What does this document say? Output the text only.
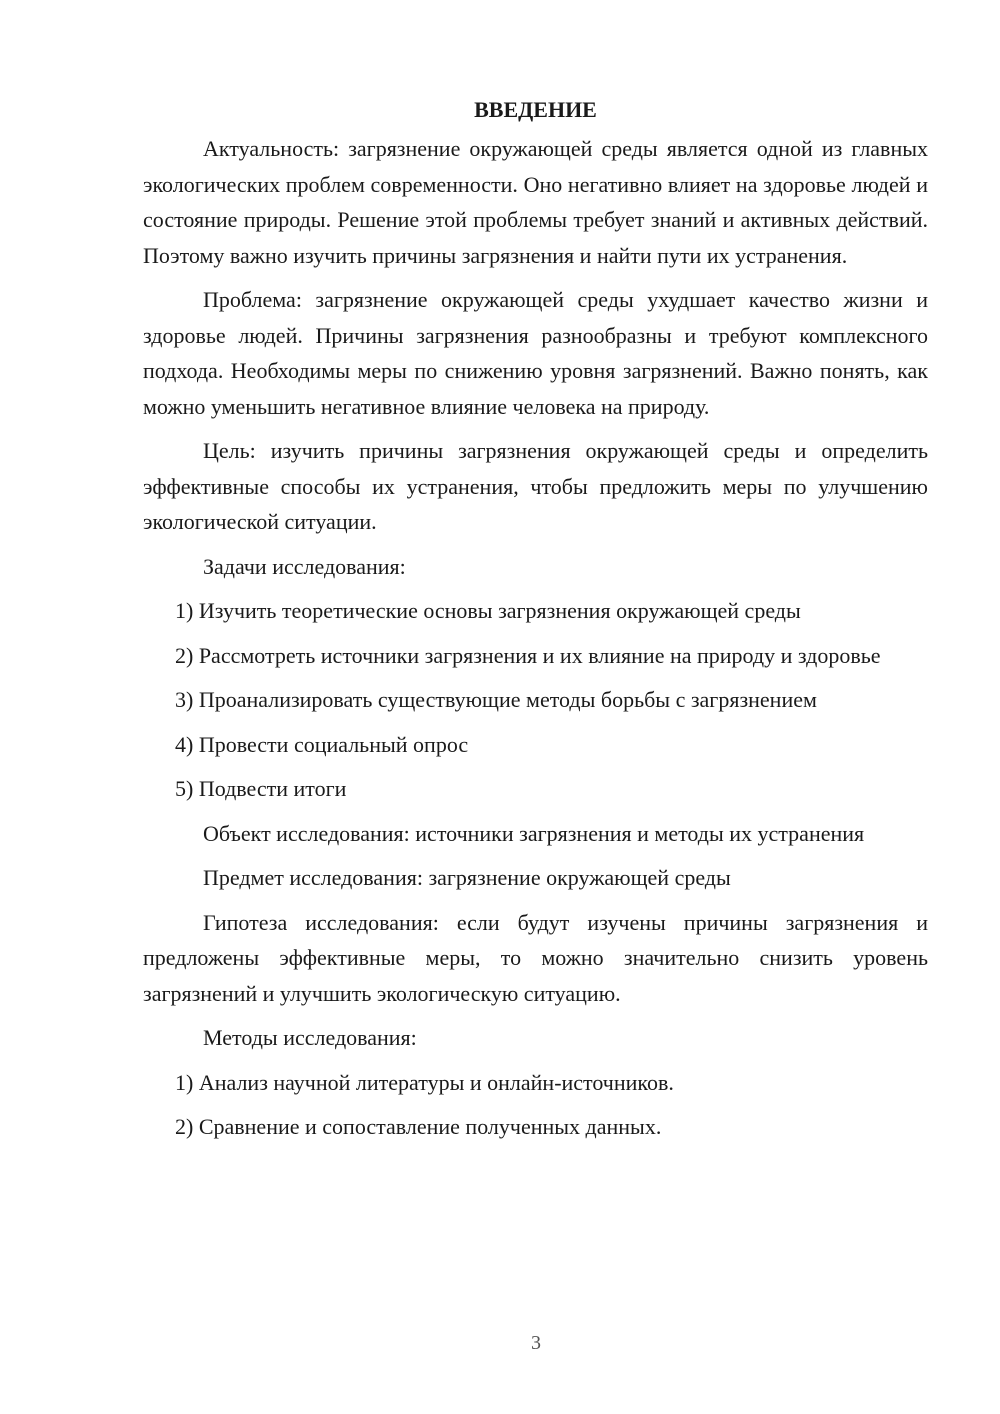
ВВЕДЕНИЕ

Актуальность: загрязнение окружающей среды является одной из главных экологических проблем современности. Оно негативно влияет на здоровье людей и состояние природы. Решение этой проблемы требует знаний и активных действий. Поэтому важно изучить причины загрязнения и найти пути их устранения.

Проблема: загрязнение окружающей среды ухудшает качество жизни и здоровье людей. Причины загрязнения разнообразны и требуют комплексного подхода. Необходимы меры по снижению уровня загрязнений. Важно понять, как можно уменьшить негативное влияние человека на природу.

Цель: изучить причины загрязнения окружающей среды и определить эффективные способы их устранения, чтобы предложить меры по улучшению экологической ситуации.

Задачи исследования:

1) Изучить теоретические основы загрязнения окружающей среды

2) Рассмотреть источники загрязнения и их влияние на природу и здоровье

3) Проанализировать существующие методы борьбы с загрязнением

4) Провести социальный опрос

5) Подвести итоги

Объект исследования: источники загрязнения и методы их устранения

Предмет исследования: загрязнение окружающей среды

Гипотеза исследования: если будут изучены причины загрязнения и предложены эффективные меры, то можно значительно снизить уровень загрязнений и улучшить экологическую ситуацию.

Методы исследования:

1) Анализ научной литературы и онлайн-источников.

2) Сравнение и сопоставление полученных данных.

3
